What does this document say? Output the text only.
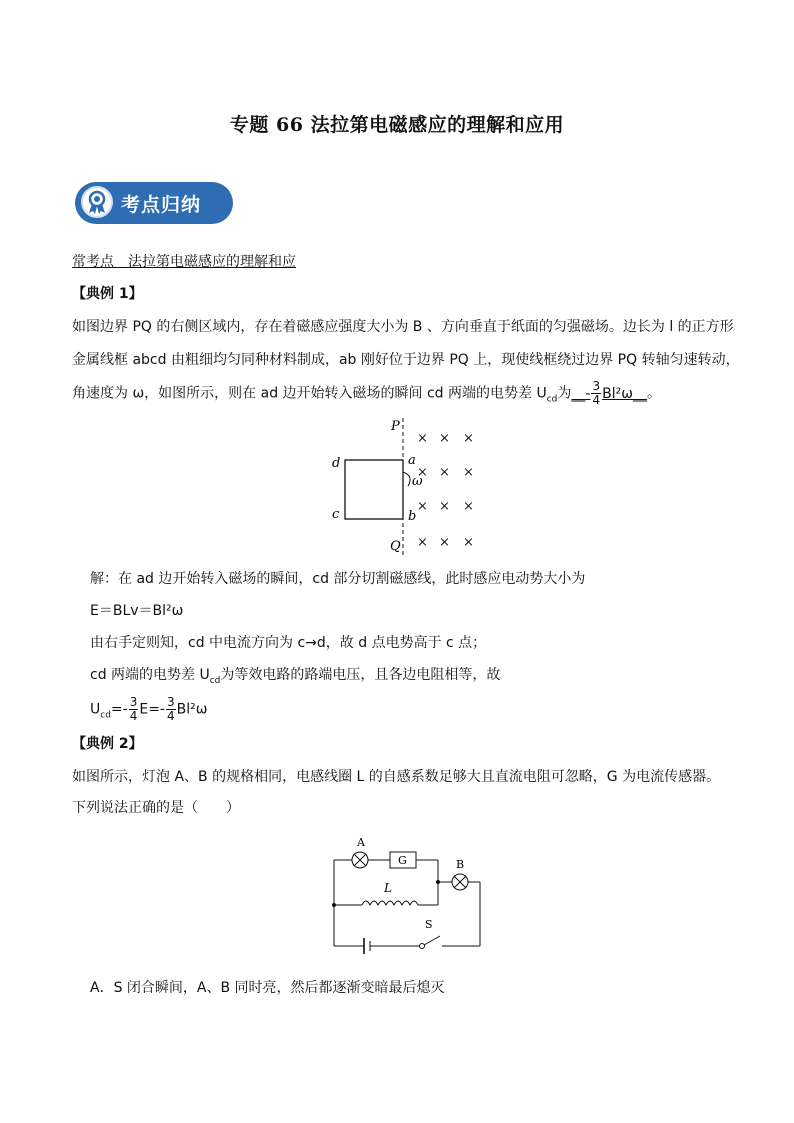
专题 66 法拉第电磁感应的理解和应用
考点归纳
常考点　法拉第电磁感应的理解和应
【典例 1】
如图边界 PQ 的右侧区域内，存在着磁感应强度大小为 B 、方向垂直于纸面的匀强磁场。边长为 l 的正方形
金属线框 abcd 由粗细均匀同种材料制成，ab 刚好位于边界 PQ 上，现使线框绕过边界 PQ 转轴匀速转动，
角速度为 ω，如图所示，则在 ad 边开始转入磁场的瞬间 cd 两端的电势差 $U_{cd}$为__- $\frac{3}{4}$ Bl²ω__。
P
Q
d
c
a
b
ω
× × ×
× × ×
× × ×
× × ×
解：在 ad 边开始转入磁场的瞬间，cd 部分切割磁感线，此时感应电动势大小为
E＝BLv＝Bl²ω
由右手定则知，cd 中电流方向为 c→d，故 d 点电势高于 c 点；
cd 两端的电势差 $U_{cd}$为等效电路的路端电压，且各边电阻相等，故
$U_{cd}=- \frac{3}{4} E=- \frac{3}{4} Bl^2\omega$
【典例 2】
如图所示，灯泡 A、B 的规格相同，电感线圈 L 的自感系数足够大且直流电阻可忽略，G 为电流传感器。
下列说法正确的是（　　）
A
G	B
L
S
A．S 闭合瞬间，A、B 同时亮，然后都逐渐变暗最后熄灭
